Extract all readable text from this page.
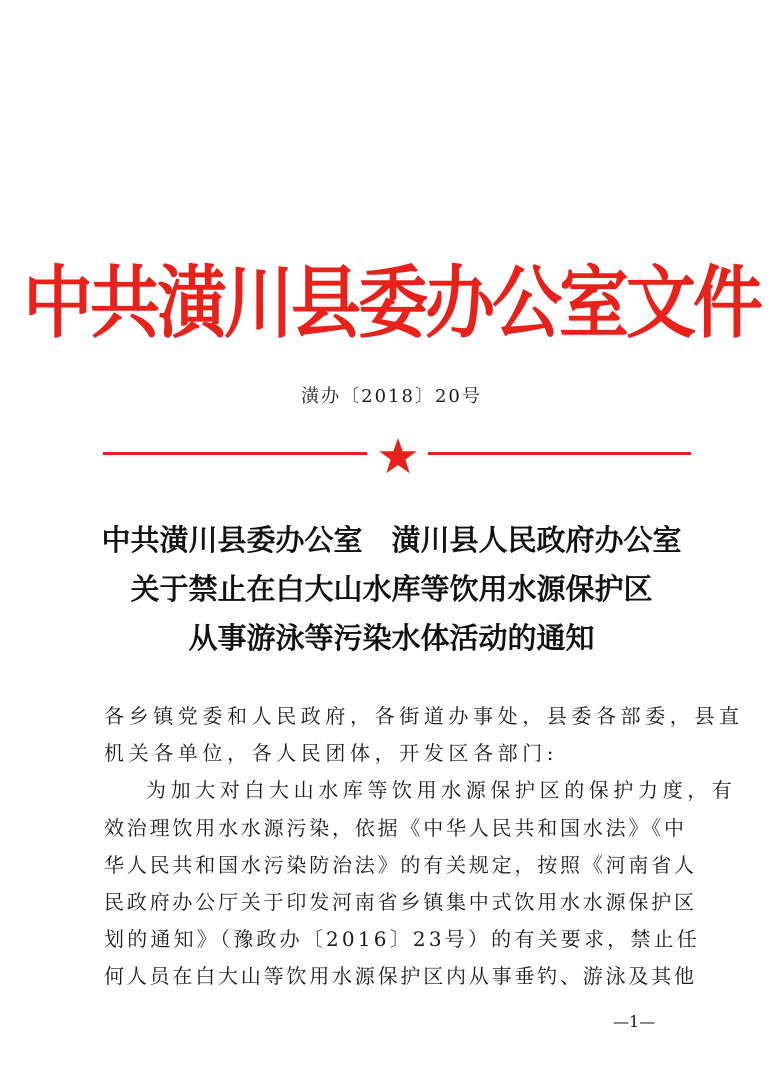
中共潢川县委办公室文件
潢办〔2018〕20号
中共潢川县委办公室　潢川县人民政府办公室
关于禁止在白大山水库等饮用水源保护区
从事游泳等污染水体活动的通知
各乡镇党委和人民政府，各街道办事处，县委各部委，县直
机关各单位，各人民团体，开发区各部门:
为加大对白大山水库等饮用水源保护区的保护力度，有
效治理饮用水水源污染，依据《中华人民共和国水法》《中
华人民共和国水污染防治法》的有关规定，按照《河南省人
民政府办公厅关于印发河南省乡镇集中式饮用水水源保护区
划的通知》（豫政办〔2016〕23号）的有关要求，禁止任
何人员在白大山等饮用水源保护区内从事垂钓、游泳及其他
—1—
